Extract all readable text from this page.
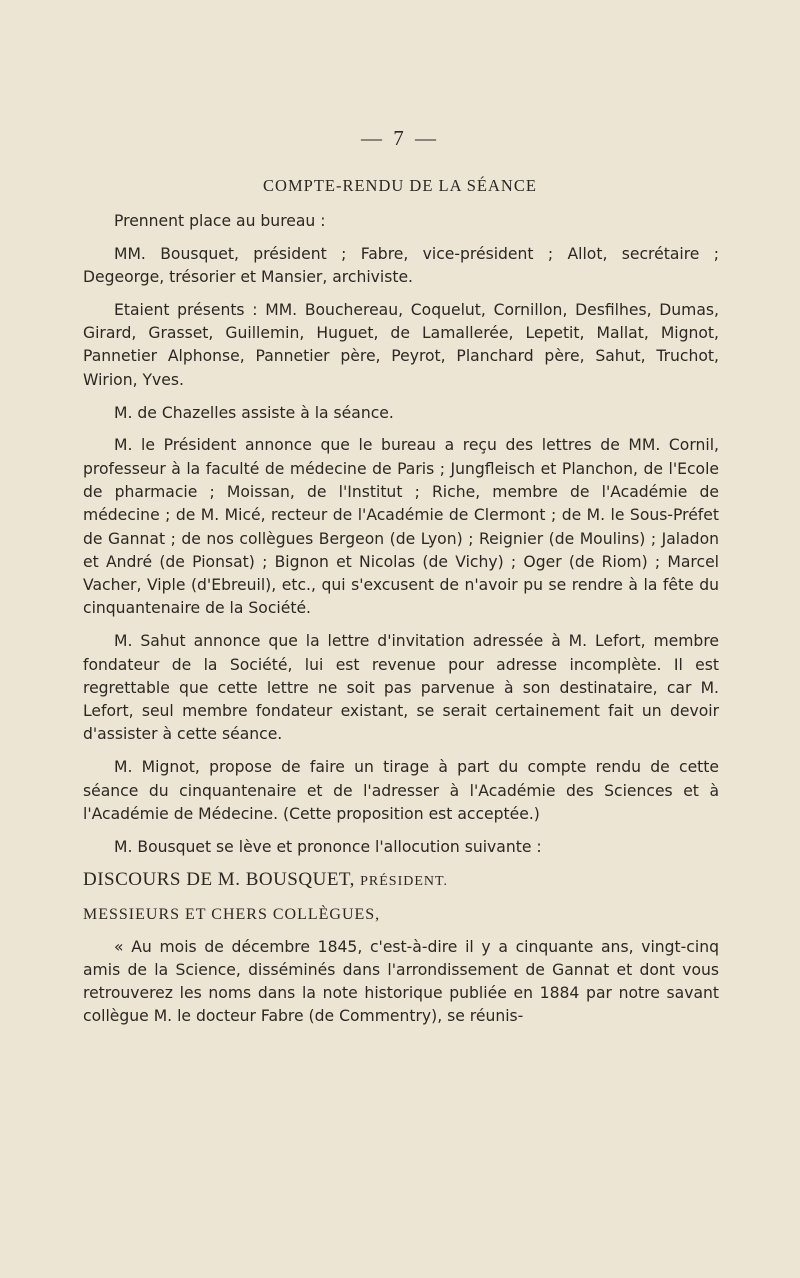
— 7 —
COMPTE-RENDU DE LA SÉANCE

Prennent place au bureau :

MM. Bousquet, président ; Fabre, vice-président ; Allot, secrétaire ; Degeorge, trésorier et Mansier, archiviste.

Etaient présents : MM. Bouchereau, Coquelut, Cornillon, Desfilhes, Dumas, Girard, Grasset, Guillemin, Huguet, de Lamallerée, Lepetit, Mallat, Mignot, Pannetier Alphonse, Pannetier père, Peyrot, Planchard père, Sahut, Truchot, Wirion, Yves.

M. de Chazelles assiste à la séance.

M. le Président annonce que le bureau a reçu des lettres de MM. Cornil, professeur à la faculté de médecine de Paris ; Jungfleisch et Planchon, de l'Ecole de pharmacie ; Moissan, de l'Institut ; Riche, membre de l'Académie de médecine ; de M. Micé, recteur de l'Académie de Clermont ; de M. le Sous-Préfet de Gannat ; de nos collègues Bergeon (de Lyon) ; Reignier (de Moulins) ; Jaladon et André (de Pionsat) ; Bignon et Nicolas (de Vichy) ; Oger (de Riom) ; Marcel Vacher, Viple (d'Ebreuil), etc., qui s'excusent de n'avoir pu se rendre à la fête du cinquantenaire de la Société.

M. Sahut annonce que la lettre d'invitation adressée à M. Lefort, membre fondateur de la Société, lui est revenue pour adresse incomplète. Il est regrettable que cette lettre ne soit pas parvenue à son destinataire, car M. Lefort, seul membre fondateur existant, se serait certainement fait un devoir d'assister à cette séance.

M. Mignot, propose de faire un tirage à part du compte rendu de cette séance du cinquantenaire et de l'adresser à l'Académie des Sciences et à l'Académie de Médecine. (Cette proposition est acceptée.)

M. Bousquet se lève et prononce l'allocution suivante :

DISCOURS DE M. BOUSQUET, PRÉSIDENT.

MESSIEURS ET CHERS COLLÈGUES,

« Au mois de décembre 1845, c'est-à-dire il y a cinquante ans, vingt-cinq amis de la Science, disséminés dans l'arrondissement de Gannat et dont vous retrouverez les noms dans la note historique publiée en 1884 par notre savant collègue M. le docteur Fabre (de Commentry), se réunis-
